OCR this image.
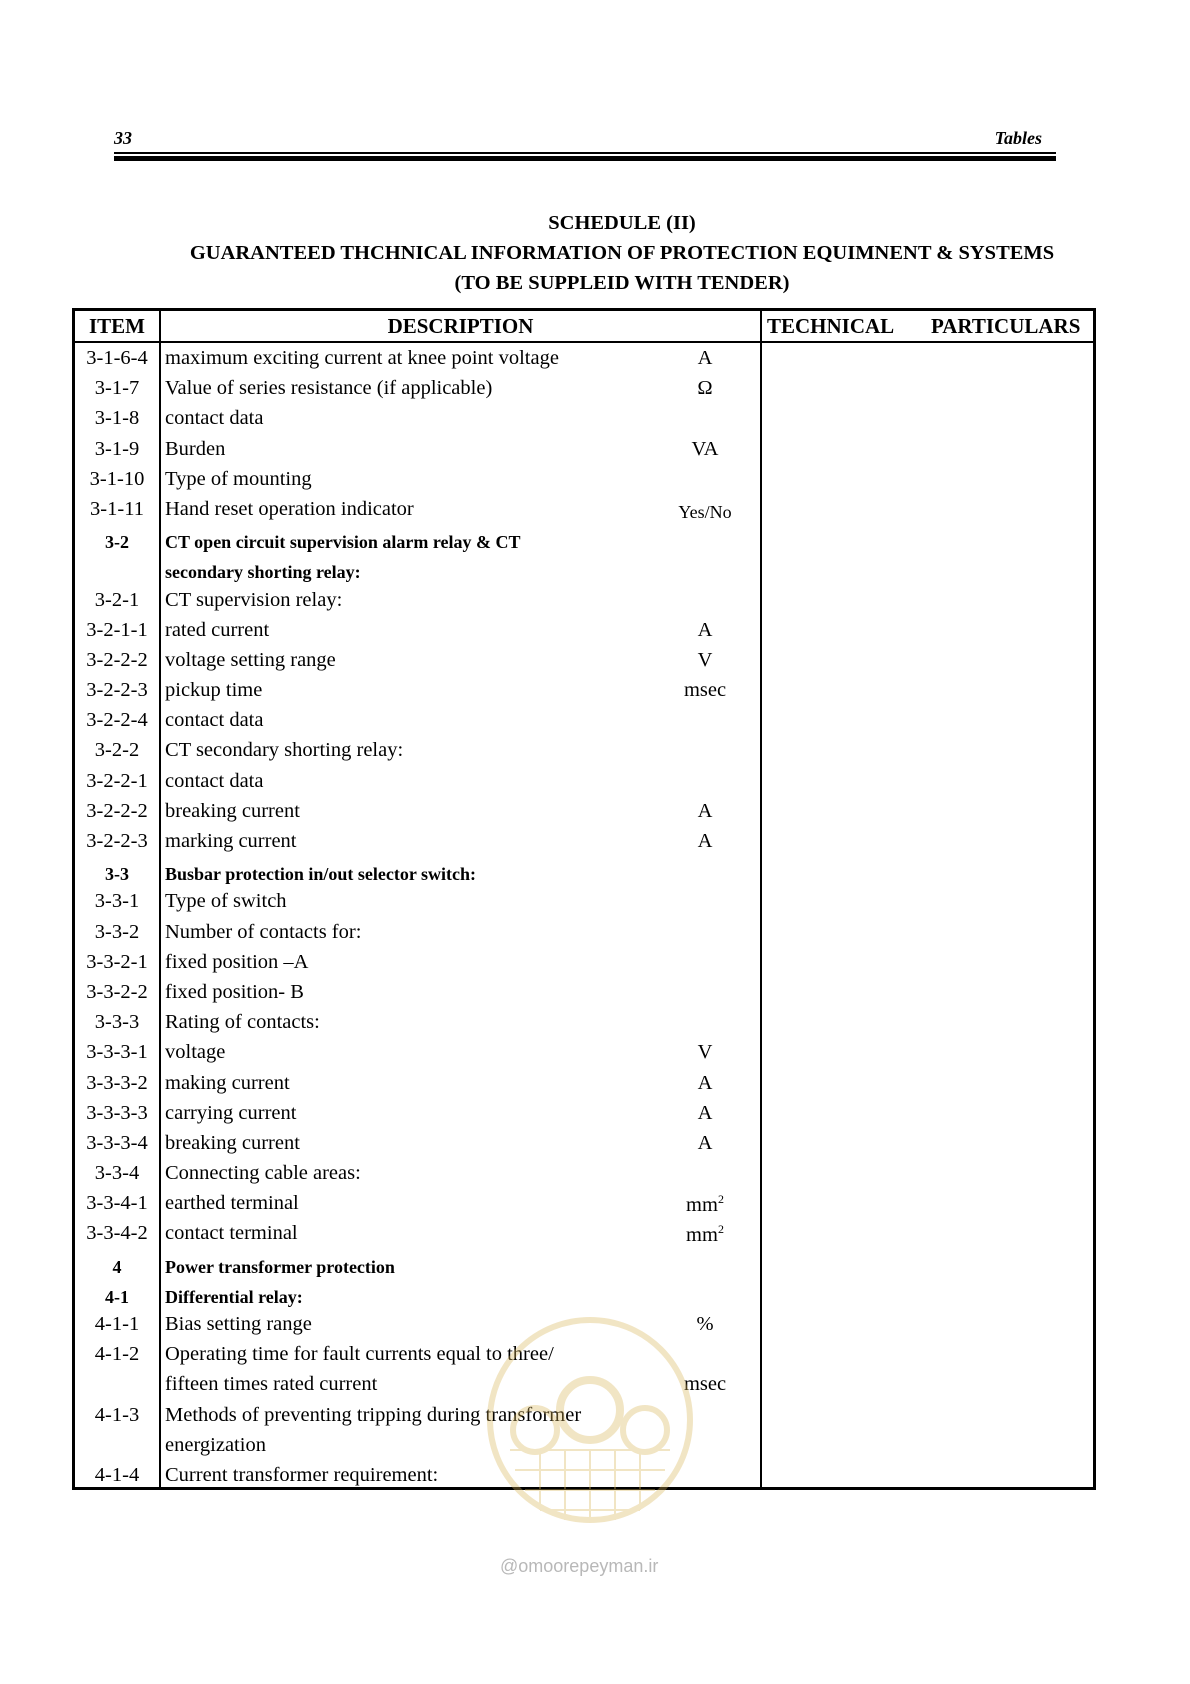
33	Tables
SCHEDULE (II)
GUARANTEED THCHNICAL INFORMATION OF PROTECTION EQUIMNENT & SYSTEMS
(TO BE SUPPLEID WITH TENDER)
ITEM	DESCRIPTION	TECHNICAL PARTICULARS
3-1-6-4 maximum exciting current at knee point voltage	A
3-1-7	Value of series resistance (if applicable)	Ω
3-1-8	contact data
3-1-9	Burden	VA
3-1-10	Type of mounting
3-1-11	Hand reset operation indicator	Yes/No
3-2	CT open circuit supervision alarm relay & CT
secondary shorting relay:
3-2-1	CT supervision relay:
3-2-1-1 rated current	A
3-2-2-2 voltage setting range	V
3-2-2-3 pickup time	msec
3-2-2-4 contact data
3-2-2	CT secondary shorting relay:
3-2-2-1 contact data
3-2-2-2 breaking current	A
3-2-2-3 marking current	A
3-3	Busbar protection in/out selector switch:
3-3-1	Type of switch
3-3-2	Number of contacts for:
3-3-2-1 fixed position –A
3-3-2-2 fixed position- B
3-3-3	Rating of contacts:
3-3-3-1 voltage	V
3-3-3-2 making current	A
3-3-3-3 carrying current	A
3-3-3-4 breaking current	A
3-3-4	Connecting cable areas:
3-3-4-1 earthed terminal	$mm^2$
3-3-4-2 contact terminal	$mm^2$
4	Power transformer protection
4-1	Differential relay:
4-1-1	Bias setting range	%
4-1-2	Operating time for fault currents equal to three/
fifteen times rated current	msec
4-1-3	Methods of preventing tripping during transformer
energization
4-1-4	Current transformer requirement:
@omoorepeyman.ir
